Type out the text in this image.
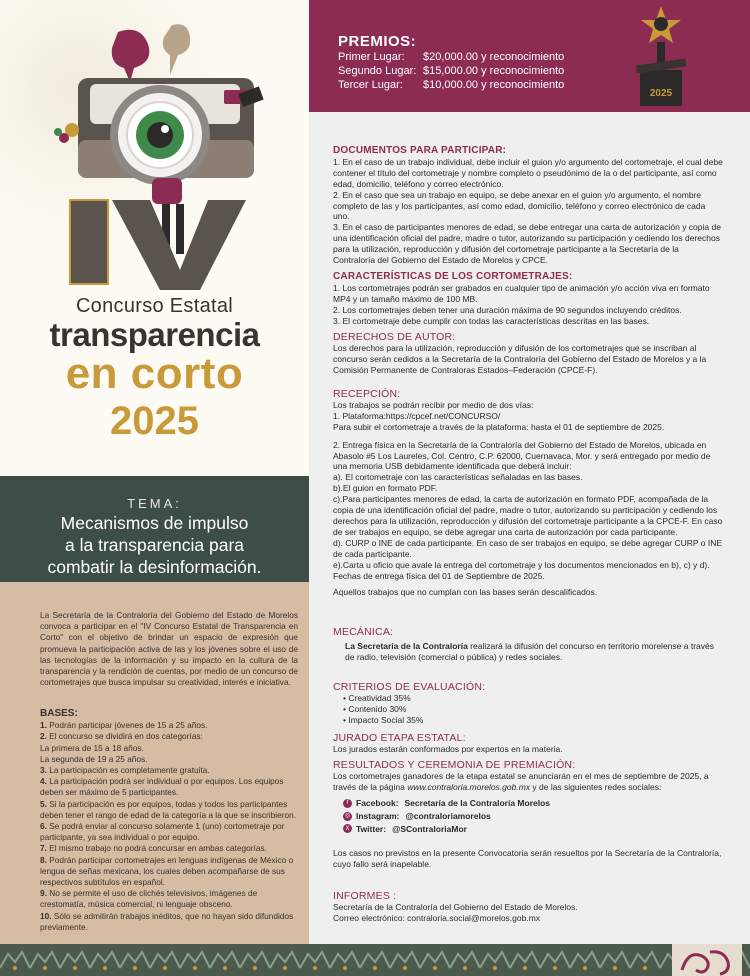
Concurso Estatal
transparencia
en corto
2025
TEMA:
Mecanismos de impulso
a la transparencia para
combatir la desinformación.
La Secretaría de la Contraloría del Gobierno del Estado de Morelos convoca a participar en el "IV Concurso Estatal de Transparencia en Corto" con el objetivo de brindar un espacio de expresión que promueva la participación activa de las y los jóvenes sobre el uso de las tecnologías de la información y su impacto en la cultura de la transparencia y la rendición de cuentas, por medio de un concurso de cortometrajes que busca impulsar su creatividad, interés e iniciativa.
BASES:
1. Podrán participar jóvenes de 15 a 25 años.
2. El concurso se dividirá en dos categorías:
La primera de 15 a 18 años.
La segunda de 19 a 25 años.
3. La participación es completamente gratuita.
4. La participación podrá ser individual o por equipos. Los equipos deben ser máximo de 5 participantes.
5. Si la participación es por equipos, todas y todos los participantes deben tener el rango de edad de la categoría a la que se inscribieron.
6. Se podrá enviar al concurso solamente 1 (uno) cortometraje por participante, ya sea individual o por equipo.
7. El mismo trabajo no podrá concursar en ambas categorías.
8. Podrán participar cortometrajes en lenguas indígenas de México o lengua de señas mexicana, los cuales deben acompañarse de sus respectivos subtítulos en español.
9. No se permite el uso de clichés televisivos, imágenes de crestomatía, música comercial, ni lenguaje obsceno.
10. Sólo se admitirán trabajos inéditos, que no hayan sido difundidos previamente.
PREMIOS:
Primer Lugar: $20,000.00 y reconocimiento
Segundo Lugar: $15,000.00 y reconocimiento
Tercer Lugar: $10,000.00 y reconocimiento
2025
DOCUMENTOS PARA PARTICIPAR:

1. En el caso de un trabajo individual, debe incluir el guion y/o argumento del cortometraje, el cual debe contener el título del cortometraje y nombre completo o pseudónimo de la o del participante, así como edad, domicilio, teléfono y correo electrónico.

2. En el caso que sea un trabajo en equipo, se debe anexar en el guion y/o argumento, el nombre completo de las y los participantes, así como edad, domicilio, teléfono y correo electrónico de cada uno.

3. En el caso de participantes menores de edad, se debe entregar una carta de autorización y copia de una identificación oficial del padre, madre o tutor, autorizando su participación y cediendo los derechos para la utilización, reproducción y difusión del cortometraje participante a la Secretaría de la Contraloría del Gobierno del Estado de Morelos y CPCE.

CARACTERÍSTICAS DE LOS CORTOMETRAJES:

1. Los cortometrajes podrán ser grabados en cualquier tipo de animación y/o acción viva en formato MP4 y un tamaño máximo de 100 MB.

2. Los cortometrajes deben tener una duración máxima de 90 segundos incluyendo créditos.

3. El cortometraje debe cumplir con todas las características descritas en las bases.

DERECHOS DE AUTOR:

Los derechos para la utilización, reproducción y difusión de los cortometrajes que se inscriban al concurso serán cedidos a la Secretaría de la Contraloría del Gobierno del Estado de Morelos y a la Comisión Permanente de Contraloras Estados–Federación (CPCE-F).

RECEPCIÓN:

Los trabajos se podrán recibir por medio de dos vías:

1. Plataforma:https://cpcef.net/CONCURSO/

Para subir el cortometraje a través de la plataforma: hasta el 01 de septiembre de 2025.

2. Entrega física en la Secretaría de la Contraloría del Gobierno del Estado de Morelos, ubicada en Abasolo #5 Los Laureles, Col. Centro, C.P. 62000, Cuernavaca, Mor. y será entregado por medio de una memoria USB debidamente identificada que deberá incluir:

a). El cortometraje con las características señaladas en las bases.

b).El guion en formato PDF.

c).Para participantes menores de edad, la carta de autorización en formato PDF, acompañada de la copia de una identificación oficial del padre, madre o tutor, autorizando su participación y cediendo los derechos para la utilización, reproducción y difusión del cortometraje participante a la CPCE-F. En caso de ser trabajos en equipo, se debe agregar una carta de autorización por cada participante.

d). CURP o INE de cada participante. En caso de ser trabajos en equipo, se debe agregar CURP o INE de cada participante.

e).Carta u oficio que avale la entrega del cortometraje y los documentos mencionados en b), c) y d). Fechas de entrega física del 01 de Septiembre de 2025.

Aquellos trabajos que no cumplan con las bases serán descalificados.

MECÁNICA:

La Secretaría de la Contraloría realizará la difusión del concurso en territorio morelense a través de radio, televisión (comercial o pública) y redes sociales.

CRITERIOS DE EVALUACIÓN:
• Creatividad 35%
• Contenido 30%
• Impacto Social 35%
JURADO ETAPA ESTATAL:

Los jurados estarán conformados por expertos en la materia.

RESULTADOS Y CEREMONIA DE PREMIACIÓN:

Los cortometrajes ganadores de la etapa estatal se anunciarán en el mes de septiembre de 2025, a través de la página www.contraloria.morelos.gob.mx y de las siguientes redes sociales:

f Facebook: Secretaría de la Contraloría Morelos
◎ Instagram: @contraloriamorelos
X Twitter: @SContraloriaMor

Los casos no previstos en la presente Convocatoria serán resueltos por la Secretaría de la Contraloría, cuyo fallo será inapelable.

INFORMES :

Secretaría de la Contraloría del Gobierno del Estado de Morelos.

Correo electrónico: contraloria.social@morelos.gob.mx
